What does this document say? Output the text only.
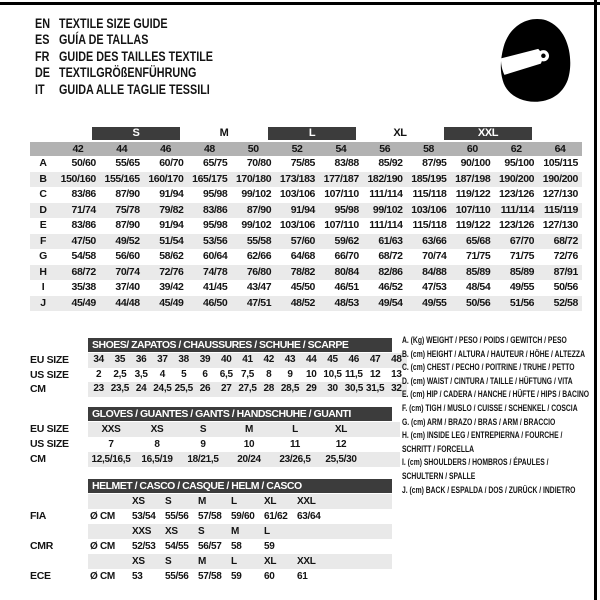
EN TEXTILE SIZE GUIDE
ES GUÍA DE TALLAS
FR GUIDE DES TAILLES TEXTILE
DE TEXTILGRÖßENFÜHRUNG
IT	GUIDA ALLE TAGLIE TESSILI
S	M	L	XL	XXL
42	44	46	48	50	52	54	56	58	60	62	64
A	50/60	55/65	60/70	65/75	70/80	75/85	83/88	85/92	87/95	90/100	95/100 105/115
B	150/160 155/165 160/170 165/175 170/180 173/183 177/187 182/190 185/195 187/198 190/200 190/200
C	83/86	87/90	91/94	95/98	99/102 103/106 107/110 111/114 115/118 119/122 123/126 127/130
D	71/74	75/78	79/82	83/86	87/90	91/94	95/98	99/102 103/106 107/110 111/114 115/119
E	83/86	87/90	91/94	95/98	99/102 103/106 107/110 111/114 115/118 119/122 123/126 127/130
F	47/50	49/52	51/54	53/56	55/58	57/60	59/62	61/63	63/66	65/68	67/70	68/72
G	54/58	56/60	58/62	60/64	62/66	64/68	66/70	68/72	70/74	71/75	71/75	72/76
H	68/72	70/74	72/76	74/78	76/80	78/82	80/84	82/86	84/88	85/89	85/89	87/91
I	35/38	37/40	39/42	41/45	43/47	45/50	46/51	46/52	47/53	48/54	49/55	50/56
J	45/49	44/48	45/49	46/50	47/51	48/52	48/53	49/54	49/55	50/56	51/56	52/58
SHOES/ ZAPATOS / CHAUSSURES / SCHUHE / SCARPE
EU SIZE	34	35	36	37	38	39	40	41	42	43	44	45	46	47	48
US SIZE	2	2,5 3,5	4	5	6	6,5 7,5	8	9	10 10,5 11,5 12	13
CM	23 23,5 24 24,5 25,5 26	27 27,5 28 28,5 29	30 30,5 31,5 32
GLOVES / GUANTES / GANTS / HANDSCHUHE / GUANTI
EU SIZE	XXS	XS	S	M	L	XL
US SIZE	7	8	9	10	11	12
CM	12,5/16,5	16,5/19	18/21,5	20/24	23/26,5	25,5/30
HELMET / CASCO / CASQUE / HELM / CASCO
XS	S	M	L	XL	XXL
FIA	Ø CM	53/54 55/56 57/58 59/60 61/62 63/64
XXS	XS	S	M	L
CMR	Ø CM	52/53 54/55 56/57 58	59
XS	S	M	L	XL	XXL
ECE	Ø CM	53	55/56 57/58 59	60	61
A. (Kg) WEIGHT / PESO / POIDS / GEWITCH / PESO
B. (cm) HEIGHT / ALTURA / HAUTEUR / HÖHE / ALTEZZA
C. (cm) CHEST / PECHO / POITRINE / TRUHE / PETTO
D. (cm) WAIST / CINTURA / TAILLE / HÜFTUNG / VITA
E. (cm) HIP / CADERA / HANCHE / HÜFTE / HIPS / BACINO
F. (cm) TIGH / MUSLO / CUISSE / SCHENKEL / COSCIA
G. (cm) ARM / BRAZO / BRAS / ARM / BRACCIO
H. (cm) INSIDE LEG / ENTREPIERNA / FOURCHE /
SCHRITT / FORCELLA
I. (cm) SHOULDERS / HOMBROS / ÉPAULES /
SCHULTERN / SPALLE
J. (cm) BACK / ESPALDA / DOS / ZURÜCK / INDIETRO
